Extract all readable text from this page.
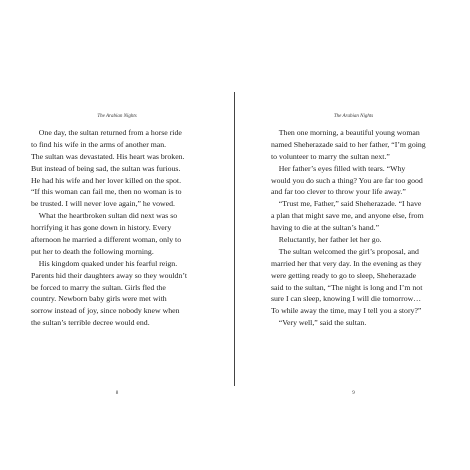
The Arabian Nights
One day, the sultan returned from a horse ride
to find his wife in the arms of another man.
The sultan was devastated. His heart was broken.
But instead of being sad, the sultan was furious.
He had his wife and her lover killed on the spot.
“If this woman can fail me, then no woman is to
be trusted. I will never love again,” he vowed.
What the heartbroken sultan did next was so
horrifying it has gone down in history. Every
afternoon he married a different woman, only to
put her to death the following morning.
His kingdom quaked under his fearful reign.
Parents hid their daughters away so they wouldn’t
be forced to marry the sultan. Girls fled the
country. Newborn baby girls were met with
sorrow instead of joy, since nobody knew when
the sultan’s terrible decree would end.
8
The Arabian Nights
Then one morning, a beautiful young woman
named Sheherazade said to her father, “I’m going
to volunteer to marry the sultan next.”
Her father’s eyes filled with tears. “Why
would you do such a thing? You are far too good
and far too clever to throw your life away.”
“Trust me, Father,” said Sheherazade. “I have
a plan that might save me, and anyone else, from
having to die at the sultan’s hand.”
Reluctantly, her father let her go.
The sultan welcomed the girl’s proposal, and
married her that very day. In the evening as they
were getting ready to go to sleep, Sheherazade
said to the sultan, “The night is long and I’m not
sure I can sleep, knowing I will die tomorrow…
To while away the time, may I tell you a story?”
“Very well,” said the sultan.
9
